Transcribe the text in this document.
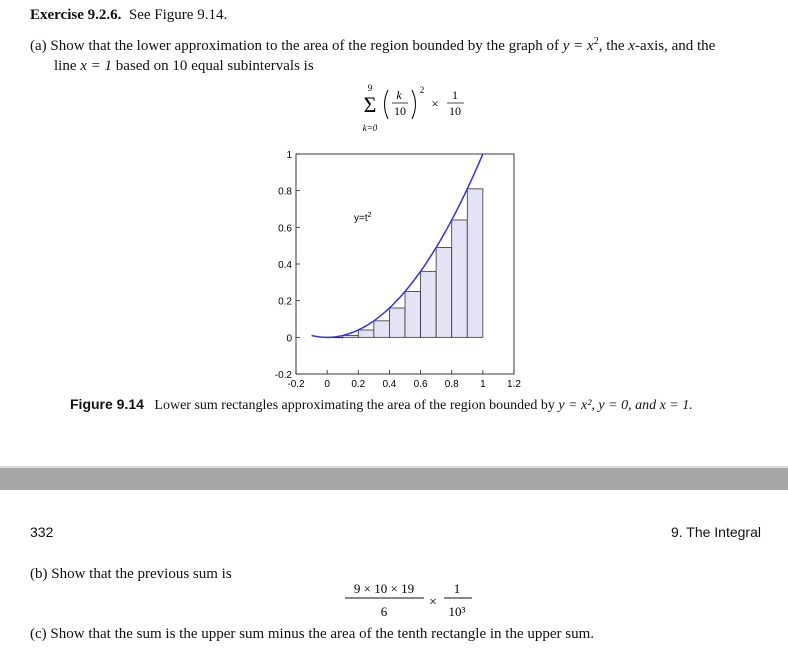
Exercise 9.2.6. See Figure 9.14.
(a) Show that the lower approximation to the area of the region bounded by the graph of $y = x^2$, the x-axis, and the
line x = 1 based on 10 equal subintervals is
9
Σ
k=0
k
10
2
×
1
10
-0.2 0 0.2 0.4 0.6 0.8 1 1.2
-0.2
0
0.2
0.4
0.6
0.8
1
$y=t^2$
Figure 9.14 Lower sum rectangles approximating the area of the region bounded by y = x², y = 0, and x = 1.
332	9. The Integral
(b) Show that the previous sum is
9 × 10 × 19
6
×
1
10³
(c) Show that the sum is the upper sum minus the area of the tenth rectangle in the upper sum.
